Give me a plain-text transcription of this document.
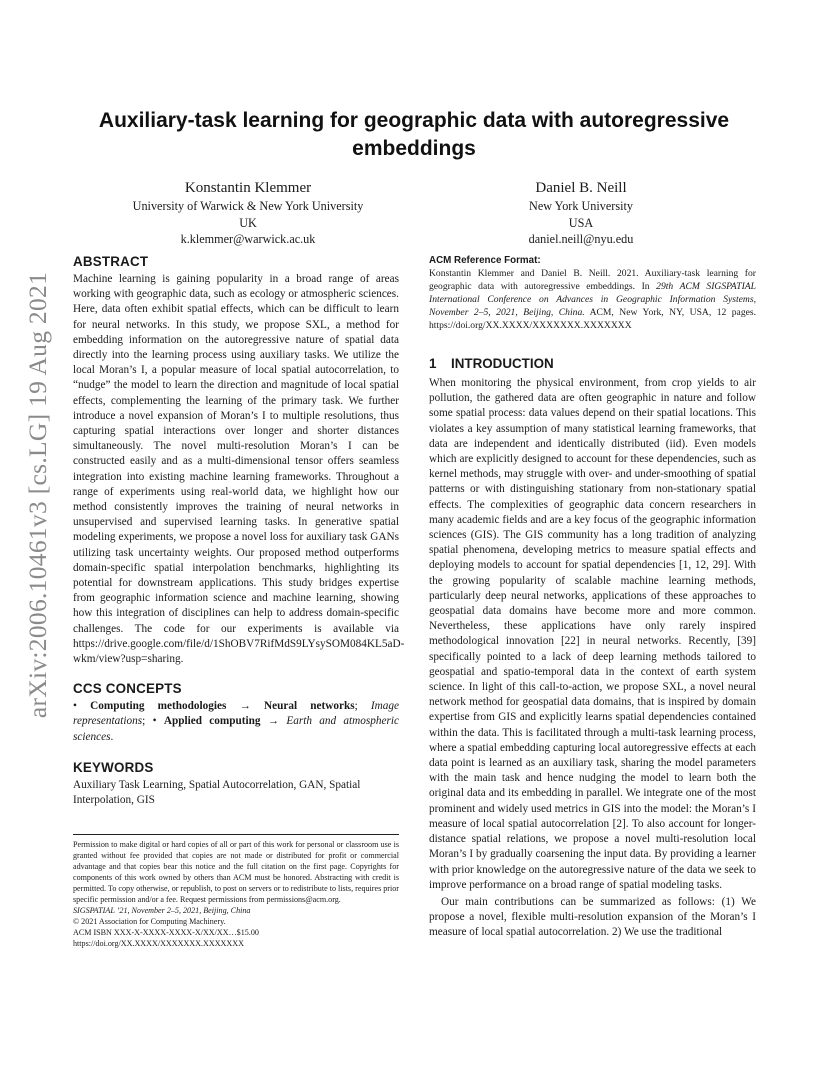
arXiv:2006.10461v3 [cs.LG] 19 Aug 2021
Auxiliary-task learning for geographic data with autoregressive embeddings
Konstantin Klemmer
University of Warwick & New York University
UK
k.klemmer@warwick.ac.uk
Daniel B. Neill
New York University
USA
daniel.neill@nyu.edu
ABSTRACT

Machine learning is gaining popularity in a broad range of areas working with geographic data, such as ecology or atmospheric sciences. Here, data often exhibit spatial effects, which can be difficult to learn for neural networks. In this study, we propose SXL, a method for embedding information on the autoregressive nature of spatial data directly into the learning process using auxiliary tasks. We utilize the local Moran’s I, a popular measure of local spatial autocorrelation, to “nudge” the model to learn the direction and magnitude of local spatial effects, complementing the learning of the primary task. We further introduce a novel expansion of Moran’s I to multiple resolutions, thus capturing spatial interactions over longer and shorter distances simultaneously. The novel multi-resolution Moran’s I can be constructed easily and as a multi-dimensional tensor offers seamless integration into existing machine learning frameworks. Throughout a range of experiments using real-world data, we highlight how our method consistently improves the training of neural networks in unsupervised and supervised learning tasks. In generative spatial modeling experiments, we propose a novel loss for auxiliary task GANs utilizing task uncertainty weights. Our proposed method outperforms domain-specific spatial interpolation benchmarks, highlighting its potential for downstream applications. This study bridges expertise from geographic information science and machine learning, showing how this integration of disciplines can help to address domain-specific challenges. The code for our experiments is available via https://drive.google.com/file/d/1ShOBV7RifMdS9LYsySOM084KL5aD-wkm/view?usp=sharing.

CCS CONCEPTS

• Computing methodologies → Neural networks; Image representations; • Applied computing → Earth and atmospheric sciences.

KEYWORDS

Auxiliary Task Learning, Spatial Autocorrelation, GAN, Spatial Interpolation, GIS

Permission to make digital or hard copies of all or part of this work for personal or classroom use is granted without fee provided that copies are not made or distributed for profit or commercial advantage and that copies bear this notice and the full citation on the first page. Copyrights for components of this work owned by others than ACM must be honored. Abstracting with credit is permitted. To copy otherwise, or republish, to post on servers or to redistribute to lists, requires prior specific permission and/or a fee. Request permissions from permissions@acm.org.
SIGSPATIAL ’21, November 2–5, 2021, Beijing, China
© 2021 Association for Computing Machinery.
ACM ISBN XXX-X-XXXX-XXXX-X/XX/XX…$15.00
https://doi.org/XX.XXXX/XXXXXXX.XXXXXXX
ACM Reference Format:
Konstantin Klemmer and Daniel B. Neill. 2021. Auxiliary-task learning for geographic data with autoregressive embeddings. In 29th ACM SIGSPATIAL International Conference on Advances in Geographic Information Systems, November 2–5, 2021, Beijing, China. ACM, New York, NY, USA, 12 pages. https://doi.org/XX.XXXX/XXXXXXX.XXXXXXX
1 INTRODUCTION

When monitoring the physical environment, from crop yields to air pollution, the gathered data are often geographic in nature and follow some spatial process: data values depend on their spatial locations. This violates a key assumption of many statistical learning frameworks, that data are independent and identically distributed (iid). Even models which are explicitly designed to account for these dependencies, such as kernel methods, may struggle with over- and under-smoothing of spatial patterns or with distinguishing stationary from non-stationary spatial effects. The complexities of geographic data concern researchers in many academic fields and are a key focus of the geographic information sciences (GIS). The GIS community has a long tradition of analyzing spatial phenomena, developing metrics to measure spatial effects and deploying models to account for spatial dependencies [1, 12, 29]. With the growing popularity of scalable machine learning methods, particularly deep neural networks, applications of these approaches to geospatial data domains have become more and more common. Nevertheless, these applications have only rarely inspired methodological innovation [22] in neural networks. Recently, [39] specifically pointed to a lack of deep learning methods tailored to geospatial and spatio-temporal data in the context of earth system science. In light of this call-to-action, we propose SXL, a novel neural network method for geospatial data domains, that is inspired by domain expertise from GIS and explicitly learns spatial dependencies contained within the data. This is facilitated through a multi-task learning process, where a spatial embedding capturing local autoregressive effects at each data point is learned as an auxiliary task, sharing the model parameters with the main task and hence nudging the model to learn both the original data and its embedding in parallel. We integrate one of the most prominent and widely used metrics in GIS into the model: the Moran’s I measure of local spatial autocorrelation [2]. To also account for longer-distance spatial relations, we propose a novel multi-resolution local Moran’s I by gradually coarsening the input data. By providing a learner with prior knowledge on the autoregressive nature of the data we seek to improve performance on a broad range of spatial modeling tasks.

Our main contributions can be summarized as follows: (1) We propose a novel, flexible multi-resolution expansion of the Moran’s I measure of local spatial autocorrelation. 2) We use the traditional
